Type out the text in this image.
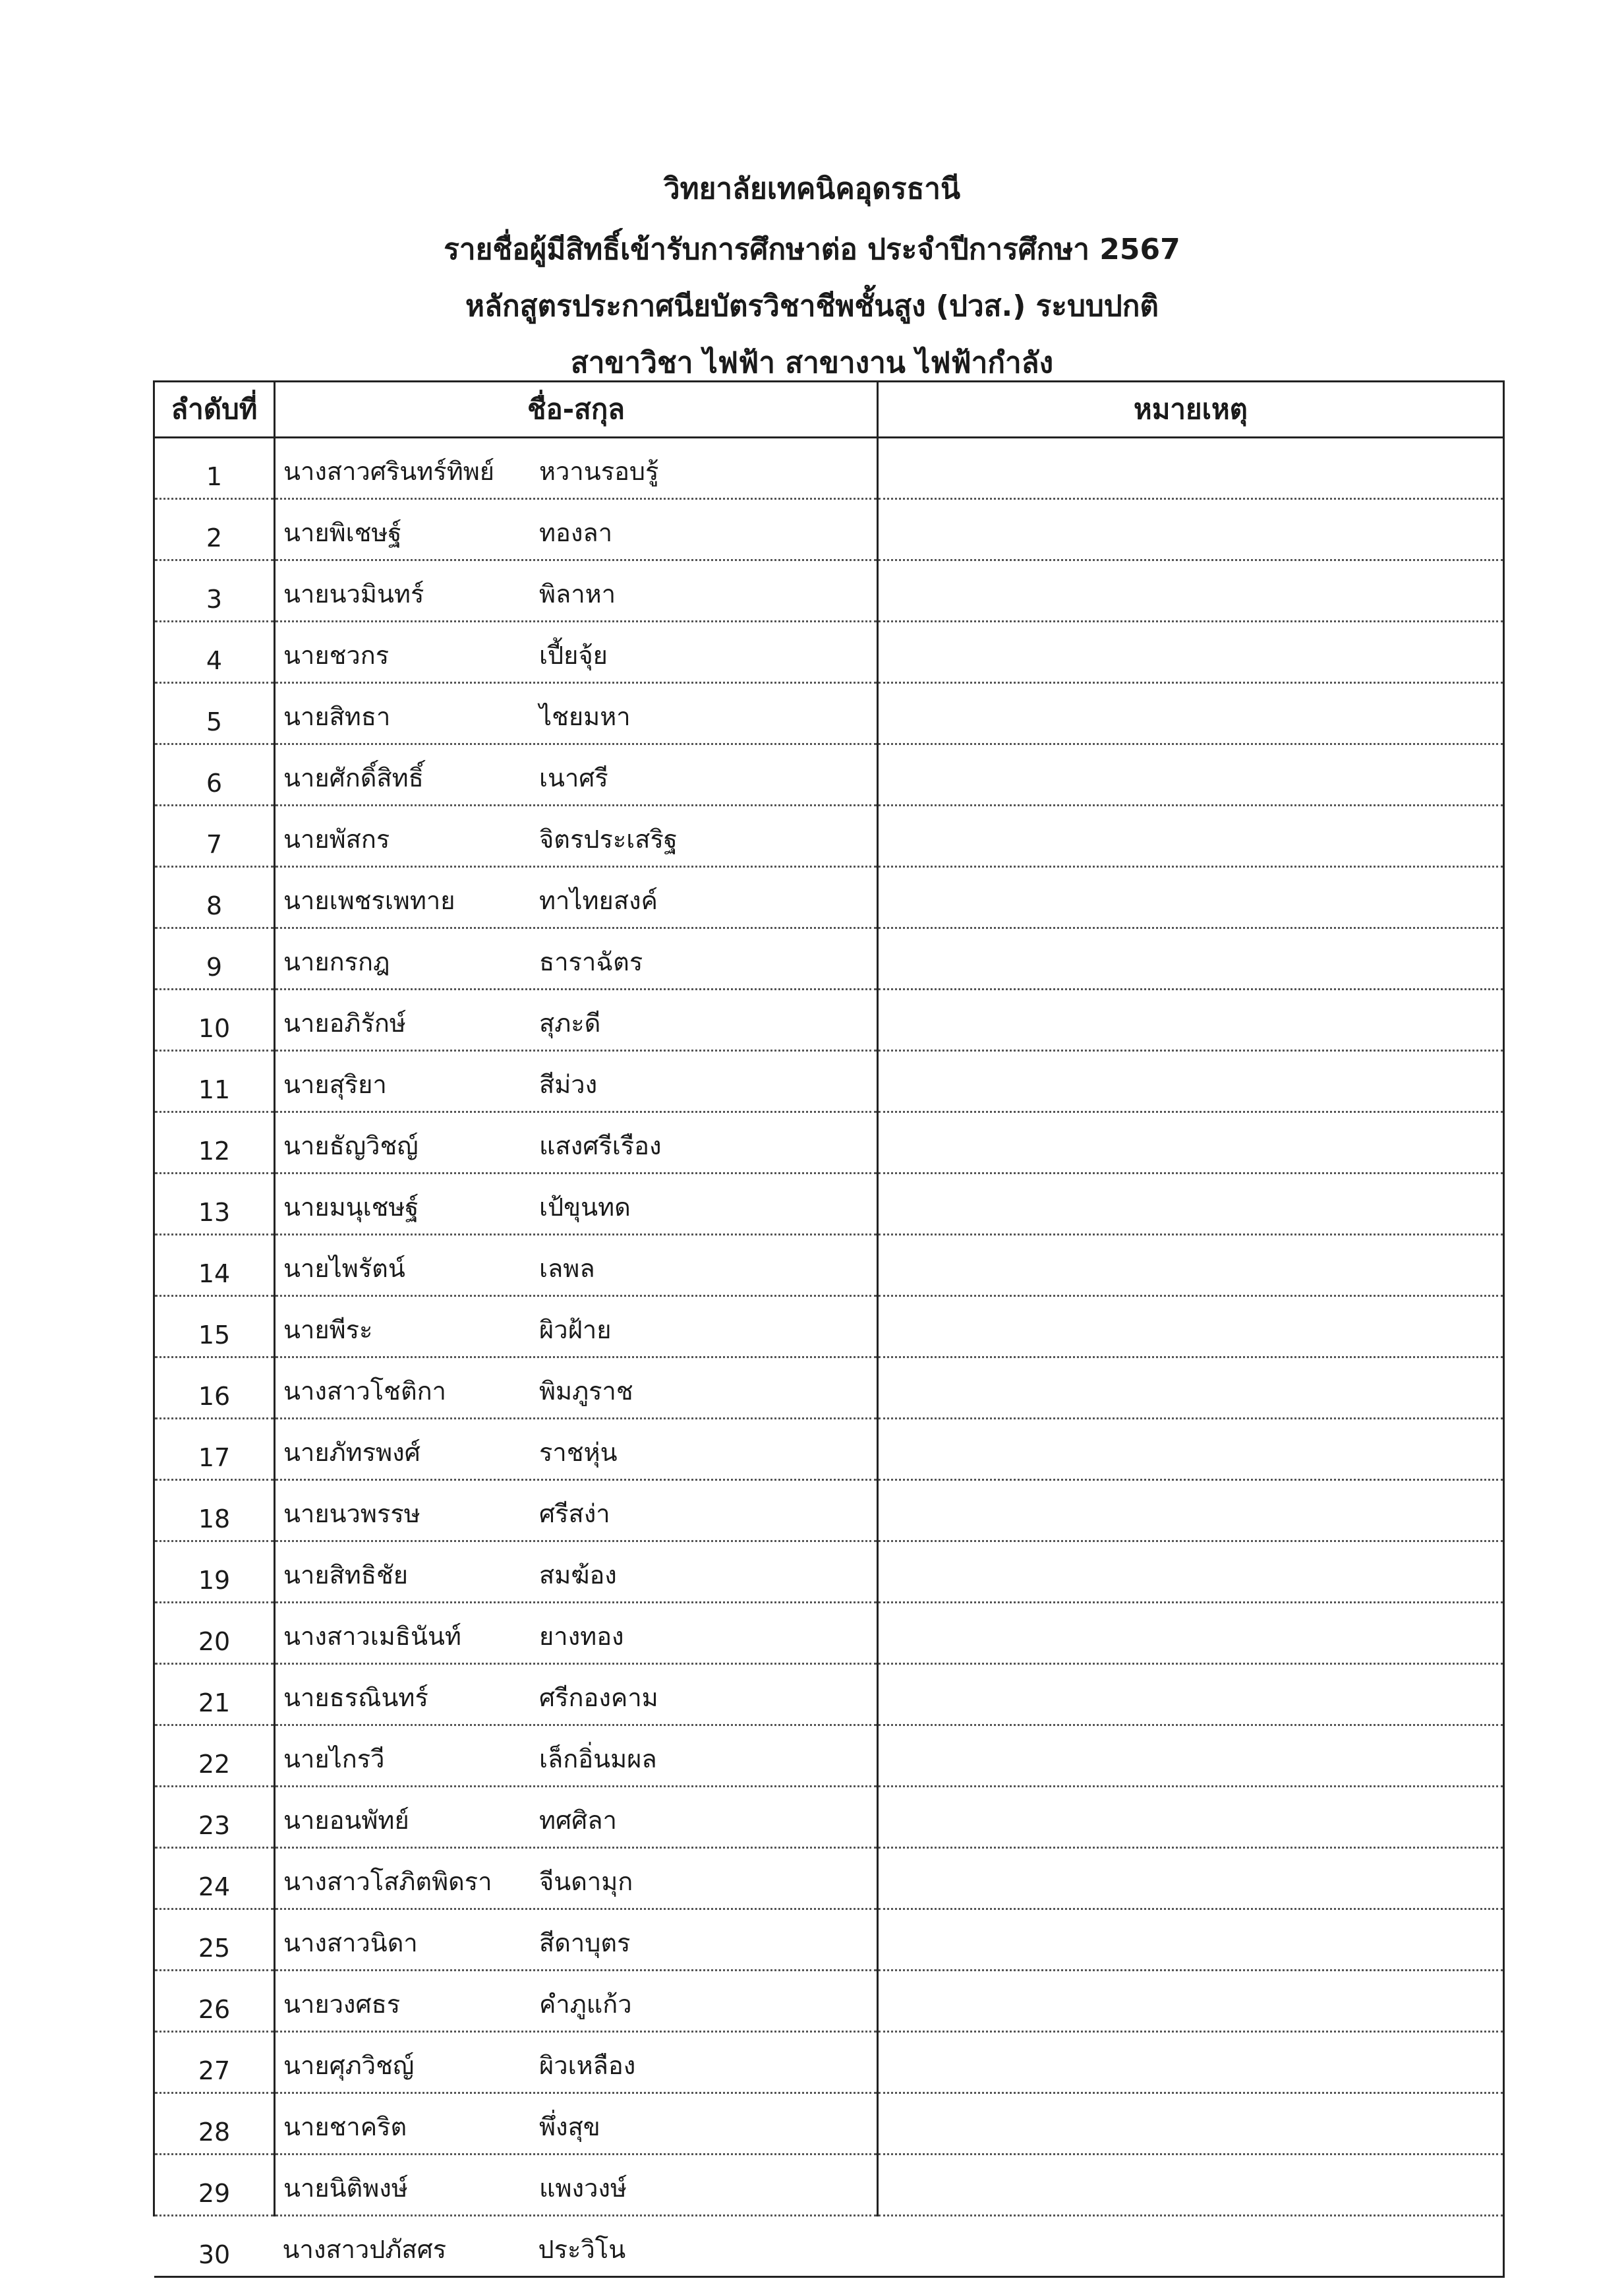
วิทยาลัยเทคนิคอุดรธานี
รายชื่อผู้มีสิทธิ์เข้ารับการศึกษาต่อ ประจำปีการศึกษา 2567
หลักสูตรประกาศนียบัตรวิชาชีพชั้นสูง (ปวส.) ระบบปกติ
สาขาวิชา ไฟฟ้า สาขางาน ไฟฟ้ากำลัง
ลำดับที่	ชื่อ-สกุล	หมายเหตุ
1	นางสาวศรินทร์ทิพย์ หวานรอบรู้	
2	นายพิเชษฐ์ ทองลา	
3	นายนวมินทร์ พิลาหา	
4	นายชวกร เปี้ยจุ้ย	
5	นายสิทธา ไชยมหา	
6	นายศักดิ์สิทธิ์ เนาศรี	
7	นายพัสกร จิตรประเสริฐ	
8	นายเพชรเพทาย ทาไทยสงค์	
9	นายกรกฎ ธาราฉัตร	
10	นายอภิรักษ์ สุภะดี	
11	นายสุริยา สีม่วง	
12	นายธัญวิชญ์ แสงศรีเรือง	
13	นายมนุเชษฐ์ เป้ขุนทด	
14	นายไพรัตน์ เลพล	
15	นายพีระ ผิวฝ้าย	
16	นางสาวโชติกา พิมภูราช	
17	นายภัทรพงศ์ ราชหุ่น	
18	นายนวพรรษ ศรีสง่า	
19	นายสิทธิชัย สมฆ้อง	
20	นางสาวเมธินันท์ ยางทอง	
21	นายธรณินทร์ ศรีกองคาม	
22	นายไกรวี เล็กอิ่นมผล	
23	นายอนพัทย์ ทศศิลา	
24	นางสาวโสภิตพิดรา จีนดามุก	
25	นางสาวนิดา สีดาบุตร	
26	นายวงศธร คำภูแก้ว	
27	นายศุภวิชญ์ ผิวเหลือง	
28	นายชาคริต พึ่งสุข	
29	นายนิติพงษ์ แพงวงษ์	
30	นางสาวปภัสศร ประวิโน	
